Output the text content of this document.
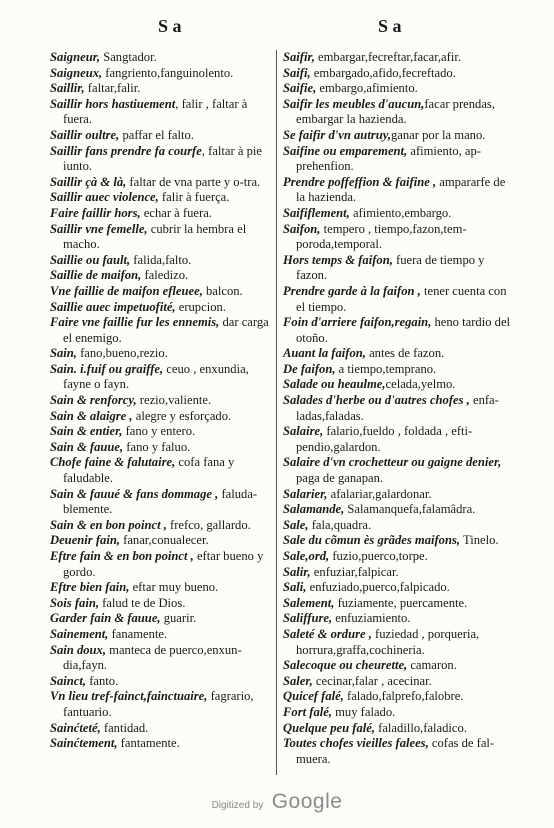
S a	S a

Saigneur, Sangtador.

Saigneux, fangriento,fanguinolento.

Saillir, faltar,falir.

Saillir hors hastiuement, falir , faltar à fuera.

Saillir oultre, paffar el falto.

Saillir fans prendre fa courfe, faltar à pie iunto.

Saillir çà & là, faltar de vna parte y o-tra.

Saillir auec violence, falir à fuerça.

Faire faillir hors, echar à fuera.

Saillir vne femelle, cubrir la hembra el macho.

Saillie ou fault, falida,falto.

Saillie de maifon, faledizo.

Vne faillie de maifon efleuee, balcon.

Saillie auec impetuofité, erupcion.

Faire vne faillie fur les ennemis, dar carga el enemigo.

Sain, fano,bueno,rezio.

Sain. i.fuif ou graiffe, ceuo , enxundia, fayne o fayn.

Sain & renforcy, rezio,valiente.

Sain & alaigre , alegre y esforçado.

Sain & entier, fano y entero.

Sain & fauue, fano y faluo.

Chofe faine & falutaire, cofa fana y faludable.

Sain & fauué & fans dommage , faluda-blemente.

Sain & en bon poinct , frefco, gallardo.

Deuenir fain, fanar,conualecer.

Eftre fain & en bon poinct , eftar bueno y gordo.

Eftre bien fain, eftar muy bueno.

Sois fain, falud te de Dios.

Garder fain & fauue, guarir.

Sainement, fanamente.

Sain doux, manteca de puerco,enxun-dia,fayn.

Sainct, fanto.

Vn lieu tref-fainct,fainctuaire, fagrario, fantuario.

Sainćteté, fantidad.

Sainćtement, fantamente.

Saifir, embargar,fecreftar,facar,afir.

Saifi, embargado,afido,fecreftado.

Saifie, embargo,afimiento.

Saifir les meubles d'aucun,facar prendas, embargar la hazienda.

Se faifir d'vn autruy,ganar por la mano.

Saifine ou emparement, afimiento, ap-prehenfion.

Prendre poffeffion & faifine , ampararfe de la hazienda.

Saififlement, afimiento,embargo.

Saifon, tempero , tiempo,fazon,tem-poroda,temporal.

Hors temps & faifon, fuera de tiempo y fazon.

Prendre garde à la faifon , tener cuenta con el tiempo.

Foin d'arriere faifon,regain, heno tardio del otoño.

Auant la faifon, antes de fazon.

De faifon, a tiempo,temprano.

Salade ou heaulme,celada,yelmo.

Salades d'herbe ou d'autres chofes , enfa-ladas,faladas.

Salaire, falario,fueldo , foldada , efti-pendio,galardon.

Salaire d'vn crochetteur ou gaigne denier, paga de ganapan.

Salarier, afalariar,galardonar.

Salamande, Salamanquefa,falamâdra.

Sale, fala,quadra.

Sale du cõmun ès grãdes maifons, Tinelo.

Sale,ord, fuzio,puerco,torpe.

Salir, enfuziar,falpicar.

Sali, enfuziado,puerco,falpicado.

Salement, fuziamente, puercamente.

Saliffure, enfuziamiento.

Saleté & ordure , fuziedad , porqueria, horrura,graffa,cochineria.

Salecoque ou cheurette, camaron.

Saler, cecinar,falar , acecinar.

Quicef falé, falado,falprefo,falobre.

Fort falé, muy falado.

Quelque peu falé, faladillo,faladico.

Toutes chofes vieilles falees, cofas de fal-muera.

Digitized by Google
